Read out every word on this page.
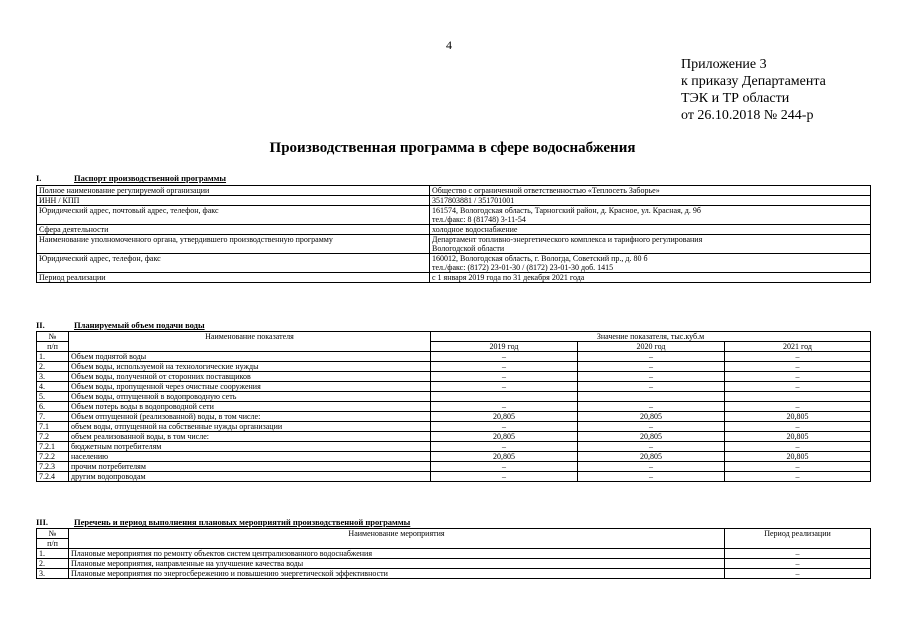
4
Приложение 3
к приказу Департамента
ТЭК и ТР области
от 26.10.2018 № 244-р
Производственная программа в сфере водоснабжения
I.	Паспорт производственной программы
Полное наименование регулируемой организации	Общество с ограниченной ответственностью «Теплосеть Заборье»

ИНН / КПП	3517803881 / 351701001

Юридический адрес, почтовый адрес, телефон, факс	161574, Вологодская область, Тарногский район, д. Красное, ул. Красная, д. 9б
тел./факс: 8 (81748) 3-11-54

Сфера деятельности	холодное водоснабжение

Наименование уполномоченного органа, утвердившего производственную программу	Департамент топливно-энергетического комплекса и тарифного регулирования
Вологодской области

Юридический адрес, телефон, факс	160012, Вологодская область, г. Вологда, Советский пр., д. 80 б
тел./факс: (8172) 23-01-30 / (8172) 23-01-30 доб. 1415

Период реализации	с 1 января 2019 года по 31 декабря 2021 года
II.	Планируемый объем подачи воды
№	Наименование показателя	Значение показателя, тыс.куб.м		
п/п		2019 год	2020 год	2021 год
1.	Объем поднятой воды	–	–	–
2.	Объем воды, используемой на технологические нужды	–	–	–
3.	Объем воды, полученной от сторонних поставщиков	–	–	–
4.	Объем воды, пропущенной через очистные сооружения	–	–	–
5.	Объем воды, отпущенной в водопроводную сеть			
6.	Объем потерь воды в водопроводной сети	–	–	–
7.	Объем отпущенной (реализованной) воды, в том числе:	20,805	20,805	20,805
7.1	объем воды, отпущенной на собственные нужды организации	–	–	–
7.2	объем реализованной воды, в том числе:	20,805	20,805	20,805
7.2.1	бюджетным потребителям	–	–	–
7.2.2	населению	20,805	20,805	20,805
7.2.3	прочим потребителям	–	–	–
7.2.4	другим водопроводам	–	–	–
III.	Перечень и период выполнения плановых мероприятий производственной программы
№	Наименование мероприятия	Период реализации
п/п		
1.	Плановые мероприятия по ремонту объектов систем централизованного водоснабжения	–
2.	Плановые мероприятия, направленные на улучшение качества воды	–
3.	Плановые мероприятия по энергосбережению и повышению энергетической эффективности	–
